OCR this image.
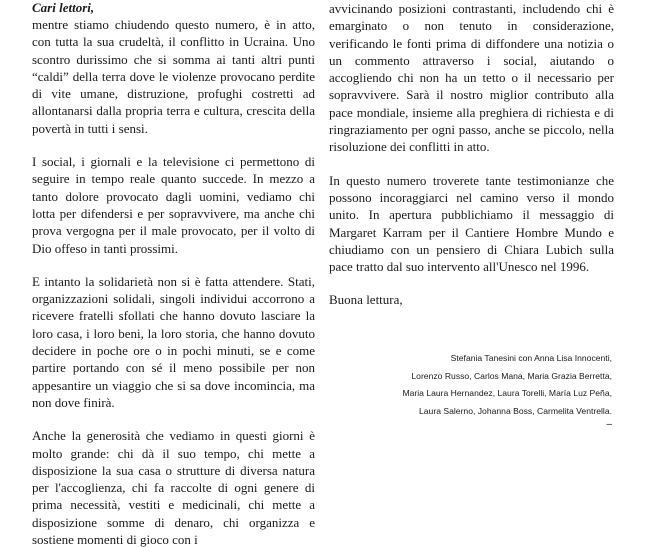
Cari lettori,

mentre stiamo chiudendo questo numero, è in atto, con tutta la sua crudeltà, il conflitto in Ucraina. Uno scontro durissimo che si somma ai tanti altri punti “caldi” della terra dove le violenze provocano perdite di vite umane, distruzione, profughi costretti ad allontanarsi dalla propria terra e cultura, crescita della povertà in tutti i sensi.

I social, i giornali e la televisione ci permettono di seguire in tempo reale quanto succede. In mezzo a tanto dolore provocato dagli uomini, vediamo chi lotta per difendersi e per sopravvivere, ma anche chi prova vergogna per il male provocato, per il volto di Dio offeso in tanti prossimi.

E intanto la solidarietà non si è fatta attendere. Stati, organizzazioni solidali, singoli individui accorrono a ricevere fratelli sfollati che hanno dovuto lasciare la loro casa, i loro beni, la loro storia, che hanno dovuto decidere in poche ore o in pochi minuti, se e come partire portando con sé il meno possibile per non appesantire un viaggio che si sa dove incomincia, ma non dove finirà.

Anche la generosità che vediamo in questi giorni è molto grande: chi dà il suo tempo, chi mette a disposizione la sua casa o strutture di diversa natura per l'accoglienza, chi fa raccolte di ogni genere di prima necessità, vestiti e medicinali, chi mette a disposizione somme di denaro, chi organizza e sostiene momenti di gioco con i

avvicinando posizioni contrastanti, includendo chi è emarginato o non tenuto in considerazione, verificando le fonti prima di diffondere una notizia o un commento attraverso i social, aiutando o accogliendo chi non ha un tetto o il necessario per sopravvivere. Sarà il nostro miglior contributo alla pace mondiale, insieme alla preghiera di richiesta e di ringraziamento per ogni passo, anche se piccolo, nella risoluzione dei conflitti in atto.

In questo numero troverete tante testimonianze che possono incoraggiarci nel camino verso il mondo unito. In apertura pubblichiamo il messaggio di Margaret Karram per il Cantiere Hombre Mundo e chiudiamo con un pensiero di Chiara Lubich sulla pace tratto dal suo intervento all'Unesco nel 1996.

Buona lettura,

Stefania Tanesini con Anna Lisa Innocenti,

Lorenzo Russo, Carlos Mana, Maria Grazia Berretta,

Maria Laura Hernandez, Laura Torelli, María Luz Peña,

Laura Salerno, Johanna Boss, Carmelita Ventrella.

–
